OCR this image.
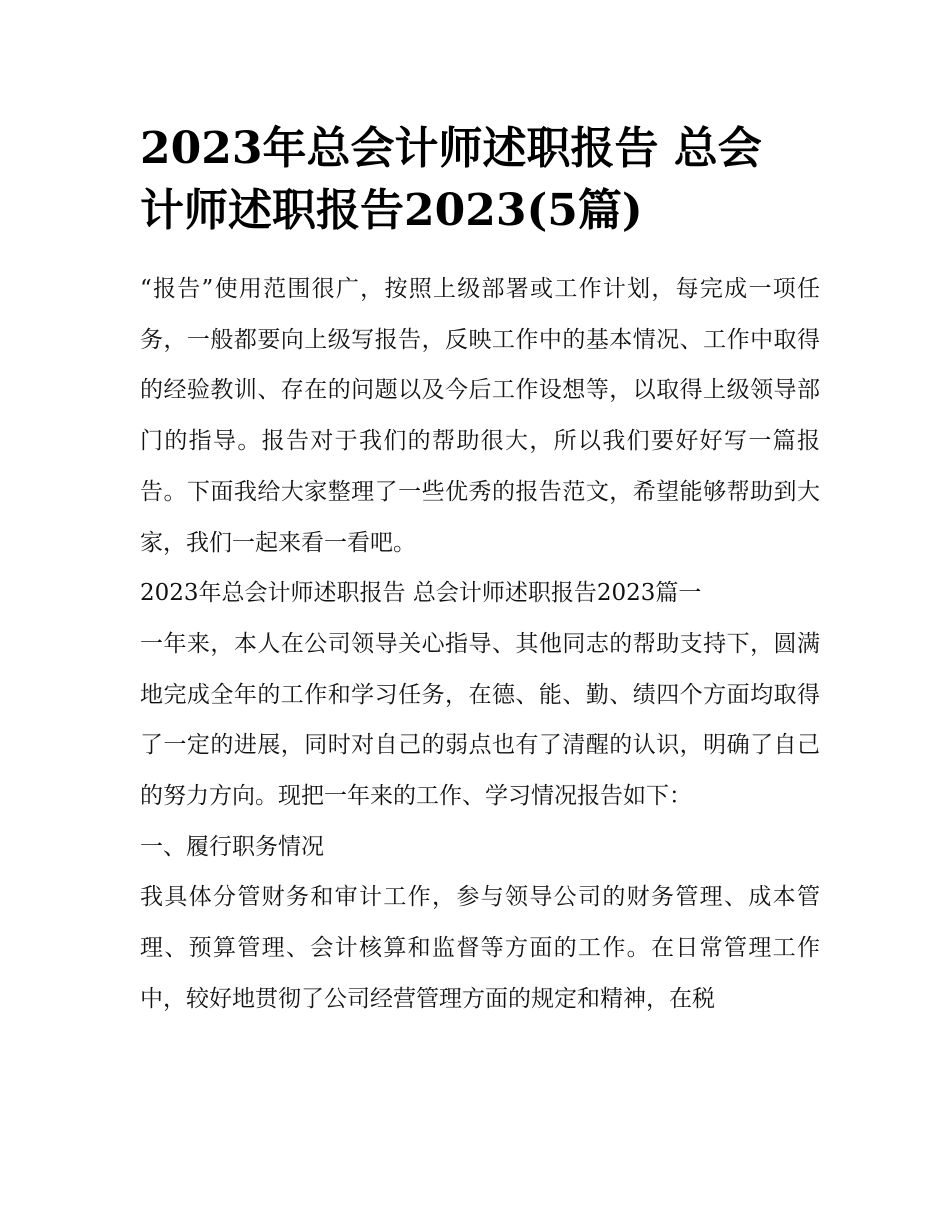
2023年总会计师述职报告 总会计师述职报告2023(5篇)

“报告”使用范围很广，按照上级部署或工作计划，每完成一项任务，一般都要向上级写报告，反映工作中的基本情况、工作中取得的经验教训、存在的问题以及今后工作设想等，以取得上级领导部门的指导。报告对于我们的帮助很大，所以我们要好好写一篇报告。下面我给大家整理了一些优秀的报告范文，希望能够帮助到大家，我们一起来看一看吧。

2023年总会计师述职报告 总会计师述职报告2023篇一

一年来，本人在公司领导关心指导、其他同志的帮助支持下，圆满地完成全年的工作和学习任务，在德、能、勤、绩四个方面均取得了一定的进展，同时对自己的弱点也有了清醒的认识，明确了自己的努力方向。现把一年来的工作、学习情况报告如下：

一、履行职务情况

我具体分管财务和审计工作，参与领导公司的财务管理、成本管理、预算管理、会计核算和监督等方面的工作。在日常管理工作中，较好地贯彻了公司经营管理方面的规定和精神，在税
